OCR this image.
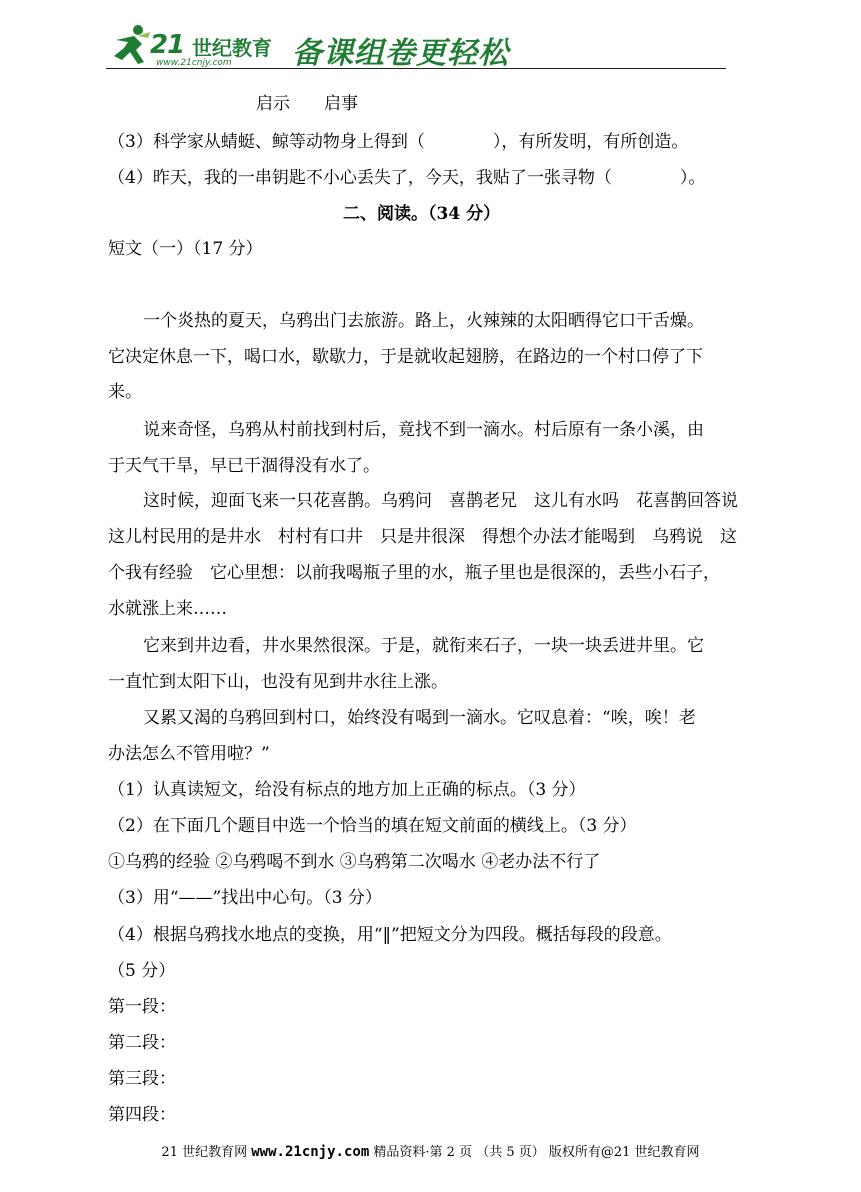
21 世纪教育
www.21cnjy.com 备课组卷更轻松
启示　　启事
（3）科学家从蜻蜓、鲸等动物身上得到（　　　　），有所发明，有所创造。
（4）昨天，我的一串钥匙不小心丢失了，今天，我贴了一张寻物（　　　　）。
二、阅读。（34 分）
短文（一）（17 分）
一个炎热的夏天，乌鸦出门去旅游。路上，火辣辣的太阳晒得它口干舌燥。
它决定休息一下，喝口水，歇歇力，于是就收起翅膀，在路边的一个村口停了下
来。
说来奇怪，乌鸦从村前找到村后，竟找不到一滴水。村后原有一条小溪，由
于天气干旱，早已干涸得没有水了。
这时候，迎面飞来一只花喜鹊。乌鸦问　喜鹊老兄　这儿有水吗　花喜鹊回答说
这儿村民用的是井水　村村有口井　只是井很深　得想个办法才能喝到　乌鸦说　这
个我有经验　它心里想：以前我喝瓶子里的水，瓶子里也是很深的，丢些小石子，
水就涨上来……
它来到井边看，井水果然很深。于是，就衔来石子，一块一块丢进井里。它
一直忙到太阳下山，也没有见到井水往上涨。
又累又渴的乌鸦回到村口，始终没有喝到一滴水。它叹息着：“唉，唉！老
办法怎么不管用啦？”
（1）认真读短文，给没有标点的地方加上正确的标点。（3 分）
（2）在下面几个题目中选一个恰当的填在短文前面的横线上。（3 分）
①乌鸦的经验 ②乌鸦喝不到水 ③乌鸦第二次喝水 ④老办法不行了
（3）用“——”找出中心句。（3 分）
（4）根据乌鸦找水地点的变换，用“‖”把短文分为四段。概括每段的段意。
（5 分）
第一段：
第二段：
第三段：
第四段：
21 世纪教育网 www.21cnjy.com 精品资料·第 2 页 （共 5 页） 版权所有@21 世纪教育网
